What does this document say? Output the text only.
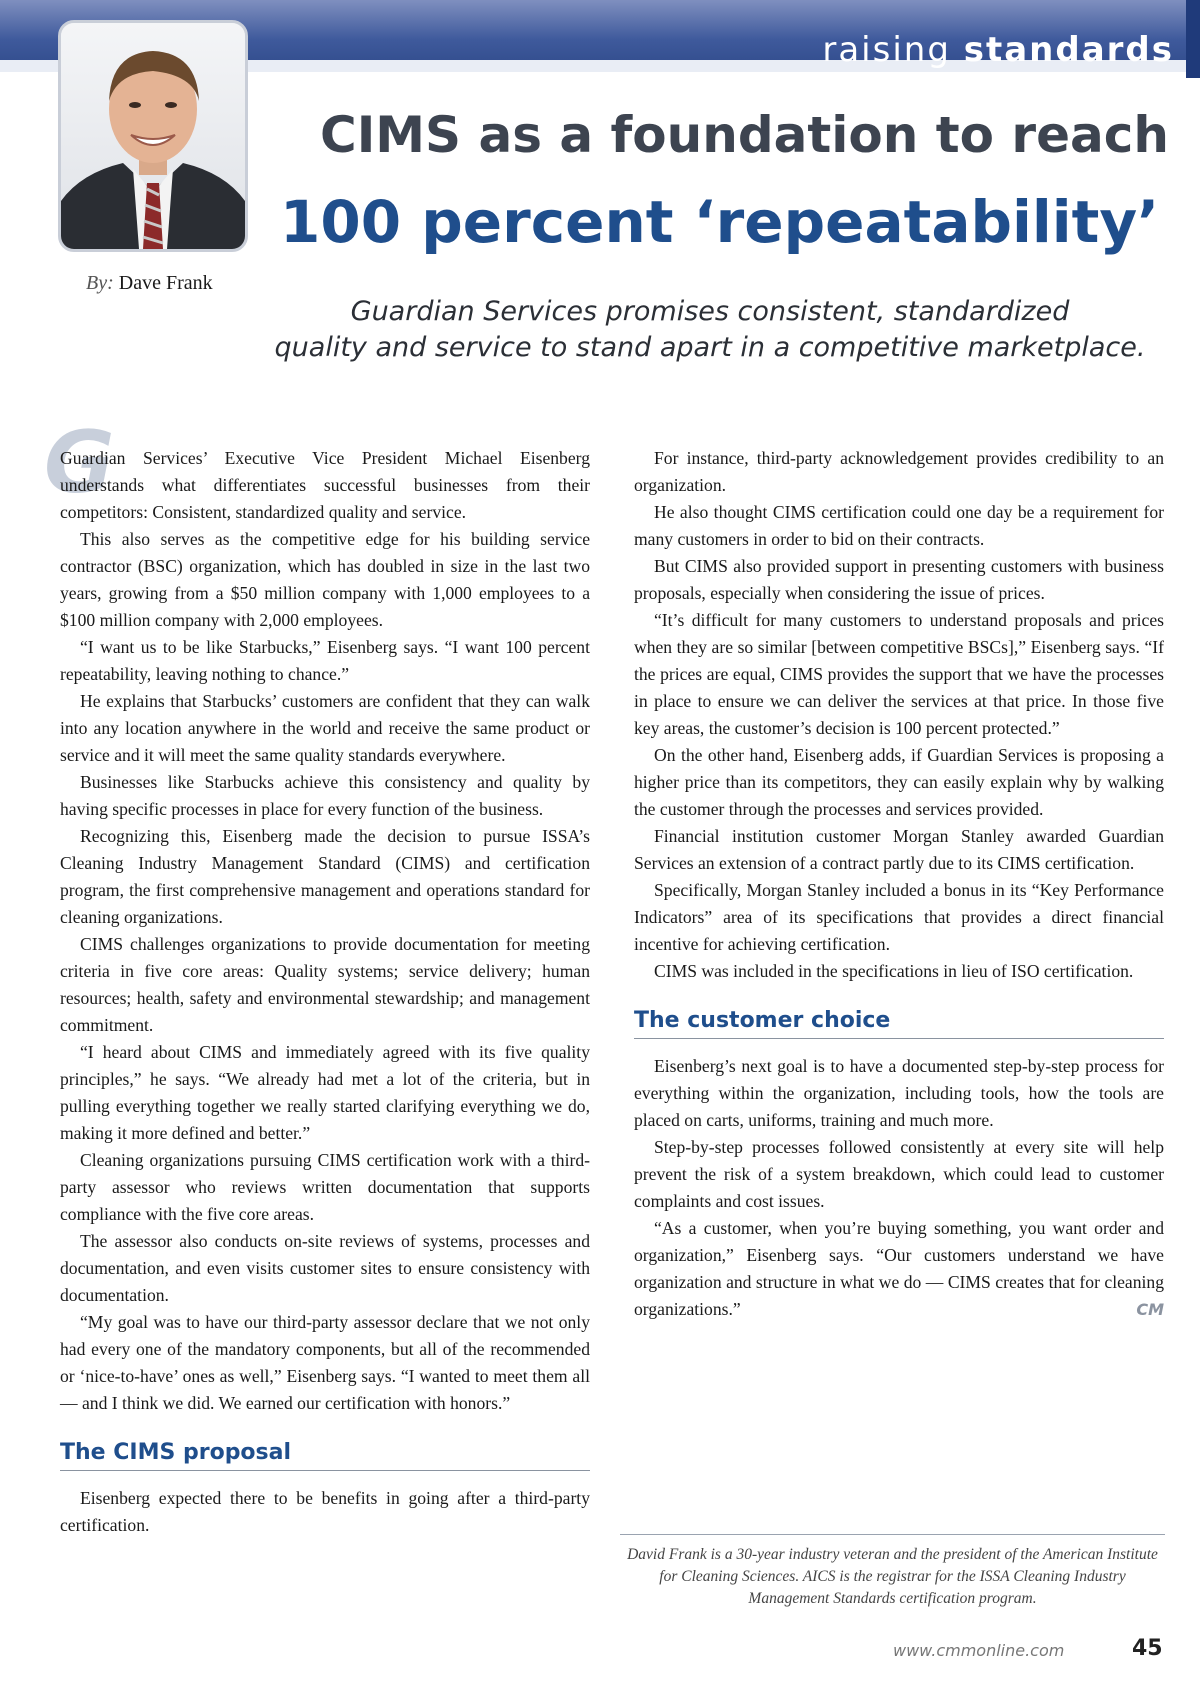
raising standards
By: Dave Frank
CIMS as a foundation to reach
100 percent ‘repeatability’
Guardian Services promises consistent, standardized
quality and service to stand apart in a competitive marketplace.
G

Guardian Services’ Executive Vice President Michael Eisenberg understands what differentiates successful businesses from their competitors: Consistent, standardized quality and service.

This also serves as the competitive edge for his building service contractor (BSC) organization, which has doubled in size in the last two years, growing from a $50 million company with 1,000 employees to a $100 million company with 2,000 employees.

“I want us to be like Starbucks,” Eisenberg says. “I want 100 percent repeatability, leaving nothing to chance.”

He explains that Starbucks’ customers are confident that they can walk into any location anywhere in the world and receive the same product or service and it will meet the same quality standards everywhere.

Businesses like Starbucks achieve this consistency and quality by having specific processes in place for every function of the business.

Recognizing this, Eisenberg made the decision to pursue ISSA’s Cleaning Industry Management Standard (CIMS) and certification program, the first comprehensive management and operations standard for cleaning organizations.

CIMS challenges organizations to provide documentation for meeting criteria in five core areas: Quality systems; service delivery; human resources; health, safety and environmental stewardship; and management commitment.

“I heard about CIMS and immediately agreed with its five quality principles,” he says. “We already had met a lot of the criteria, but in pulling everything together we really started clarifying everything we do, making it more defined and better.”

Cleaning organizations pursuing CIMS certification work with a third-party assessor who reviews written documentation that supports compliance with the five core areas.

The assessor also conducts on-site reviews of systems, processes and documentation, and even visits customer sites to ensure consistency with documentation.

“My goal was to have our third-party assessor declare that we not only had every one of the mandatory components, but all of the recommended or ‘nice-to-have’ ones as well,” Eisenberg says. “I wanted to meet them all — and I think we did. We earned our certification with honors.”

The CIMS proposal

Eisenberg expected there to be benefits in going after a third-party certification.

For instance, third-party acknowledgement provides credibility to an organization.

He also thought CIMS certification could one day be a requirement for many customers in order to bid on their contracts.

But CIMS also provided support in presenting customers with business proposals, especially when considering the issue of prices.

“It’s difficult for many customers to understand proposals and prices when they are so similar [between competitive BSCs],” Eisenberg says. “If the prices are equal, CIMS provides the support that we have the processes in place to ensure we can deliver the services at that price. In those five key areas, the customer’s decision is 100 percent protected.”

On the other hand, Eisenberg adds, if Guardian Services is proposing a higher price than its competitors, they can easily explain why by walking the customer through the processes and services provided.

Financial institution customer Morgan Stanley awarded Guardian Services an extension of a contract partly due to its CIMS certification.

Specifically, Morgan Stanley included a bonus in its “Key Performance Indicators” area of its specifications that provides a direct financial incentive for achieving certification.

CIMS was included in the specifications in lieu of ISO certification.

The customer choice

Eisenberg’s next goal is to have a documented step-by-step process for everything within the organization, including tools, how the tools are placed on carts, uniforms, training and much more.

Step-by-step processes followed consistently at every site will help prevent the risk of a system breakdown, which could lead to customer complaints and cost issues.

“As a customer, when you’re buying something, you want order and organization,” Eisenberg says. “Our customers understand we have organization and structure in what we do — CIMS creates that for cleaning organizations.”	CM

David Frank is a 30-year industry veteran and the president of the American Institute for Cleaning Sciences. AICS is the registrar for the ISSA Cleaning Industry Management Standards certification program.
www.cmmonline.com	45
